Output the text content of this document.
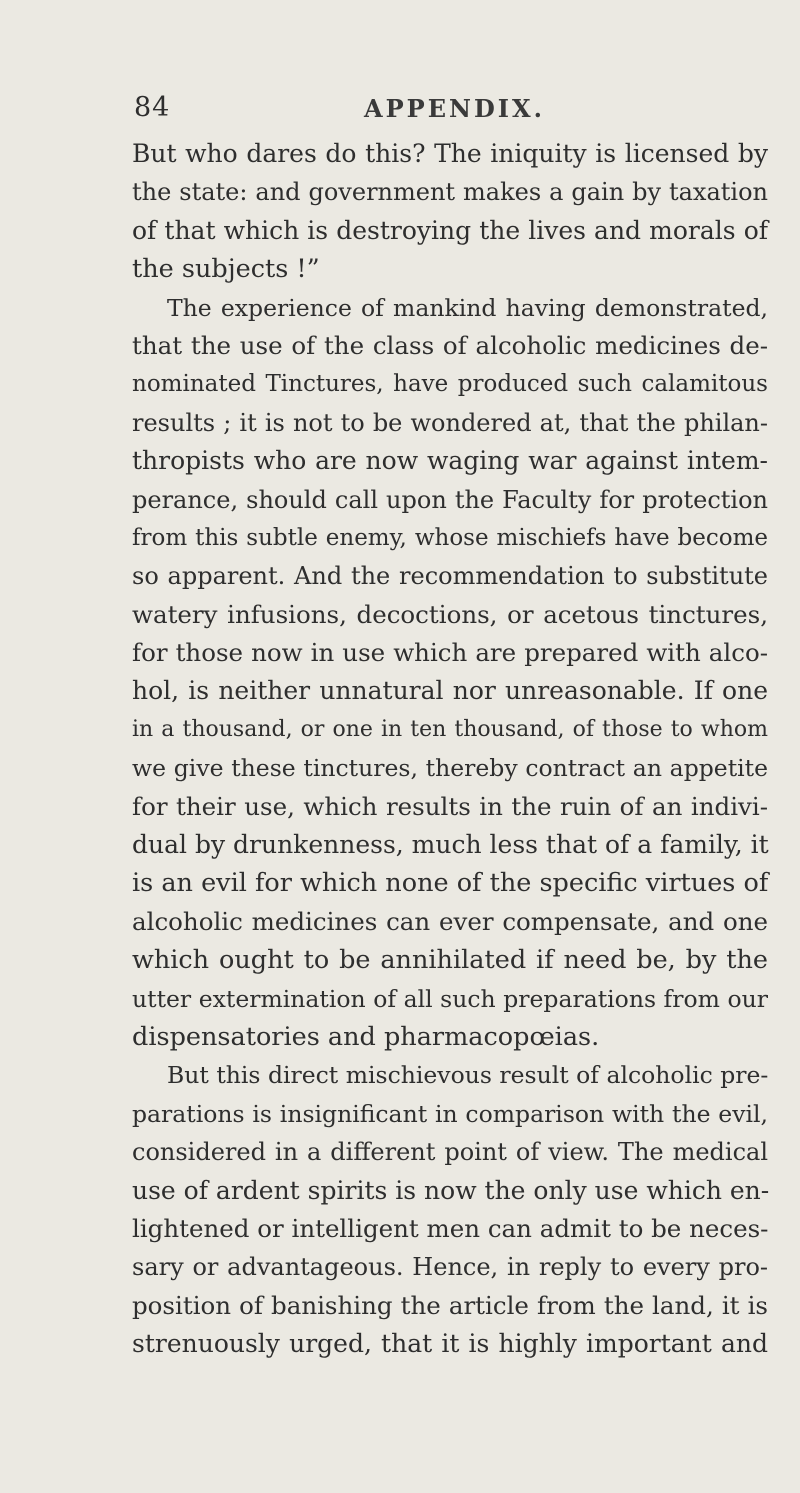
84	APPENDIX.
But who dares do this? The iniquity is licensed by
the state: and government makes a gain by taxation
of that which is destroying the lives and morals of
the subjects !”
The experience of mankind having demonstrated,
that the use of the class of alcoholic medicines de-
nominated Tinctures, have produced such calamitous
results ; it is not to be wondered at, that the philan-
thropists who are now waging war against intem-
perance, should call upon the Faculty for protection
from this subtle enemy, whose mischiefs have become
so apparent. And the recommendation to substitute
watery infusions, decoctions, or acetous tinctures,
for those now in use which are prepared with alco-
hol, is neither unnatural nor unreasonable. If one
in a thousand, or one in ten thousand, of those to whom
we give these tinctures, thereby contract an appetite
for their use, which results in the ruin of an indivi-
dual by drunkenness, much less that of a family, it
is an evil for which none of the specific virtues of
alcoholic medicines can ever compensate, and one
which ought to be annihilated if need be, by the
utter extermination of all such preparations from our
dispensatories and pharmacopœias.
But this direct mischievous result of alcoholic pre-
parations is insignificant in comparison with the evil,
considered in a different point of view. The medical
use of ardent spirits is now the only use which en-
lightened or intelligent men can admit to be neces-
sary or advantageous. Hence, in reply to every pro-
position of banishing the article from the land, it is
strenuously urged, that it is highly important and
